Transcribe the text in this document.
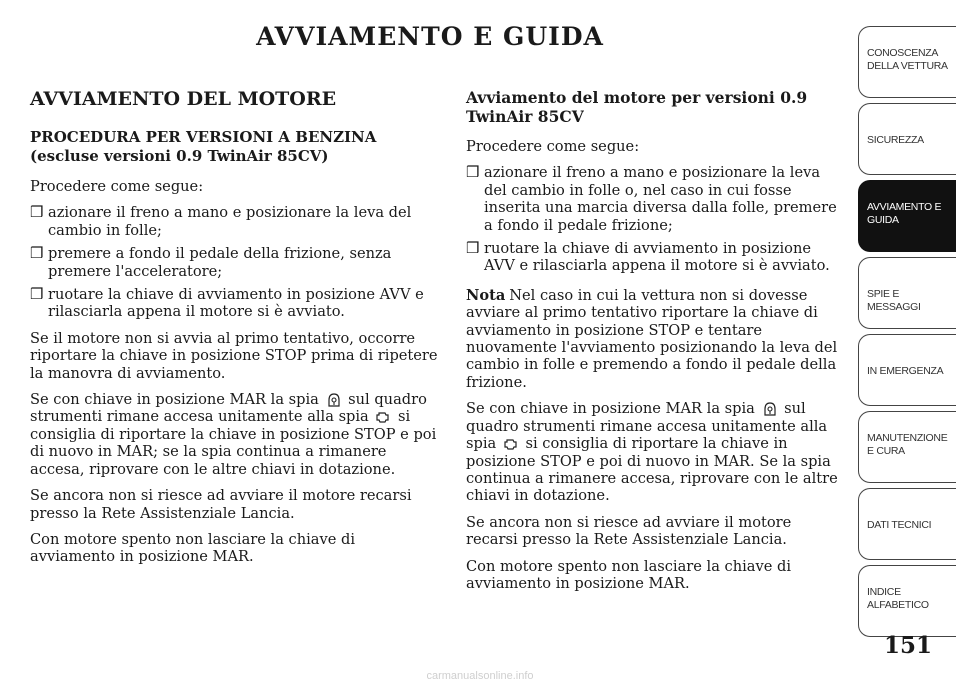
AVVIAMENTO E GUIDA
AVVIAMENTO DEL MOTORE
PROCEDURA PER VERSIONI A BENZINA
(escluse versioni 0.9 TwinAir 85CV)

Procedere come segue:

❒ azionare il freno a mano e posizionare la leva del cambio in folle;
❒ premere a fondo il pedale della frizione, senza premere l'acceleratore;
❒ ruotare la chiave di avviamento in posizione AVV e rilasciarla appena il motore si è avviato.

Se il motore non si avvia al primo tentativo, occorre riportare la chiave in posizione STOP prima di ripetere la manovra di avviamento.

Se con chiave in posizione MAR la spia sul quadro strumenti rimane accesa unitamente alla spia si consiglia di riportare la chiave in posizione STOP e poi di nuovo in MAR; se la spia continua a rimanere accesa, riprovare con le altre chiavi in dotazione.

Se ancora non si riesce ad avviare il motore recarsi presso la Rete Assistenziale Lancia.

Con motore spento non lasciare la chiave di avviamento in posizione MAR.

Avviamento del motore per versioni 0.9 TwinAir 85CV

Procedere come segue:

❒ azionare il freno a mano e posizionare la leva del cambio in folle o, nel caso in cui fosse inserita una marcia diversa dalla folle, premere a fondo il pedale frizione;
❒ ruotare la chiave di avviamento in posizione AVV e rilasciarla appena il motore si è avviato.

Nota Nel caso in cui la vettura non si dovesse avviare al primo tentativo riportare la chiave di avviamento in posizione STOP e tentare nuovamente l'avviamento posizionando la leva del cambio in folle e premendo a fondo il pedale della frizione.

Se con chiave in posizione MAR la spia sul quadro strumenti rimane accesa unitamente alla spia si consiglia di riportare la chiave in posizione STOP e poi di nuovo in MAR. Se la spia continua a rimanere accesa, riprovare con le altre chiavi in dotazione.

Se ancora non si riesce ad avviare il motore recarsi presso la Rete Assistenziale Lancia.

Con motore spento non lasciare la chiave di avviamento in posizione MAR.

CONOSCENZA DELLA VETTURA
SICUREZZA
AVVIAMENTO E GUIDA
SPIE E MESSAGGI
IN EMERGENZA
MANUTENZIONE E CURA
DATI TECNICI
INDICE ALFABETICO
151
carmanualsonline.info
